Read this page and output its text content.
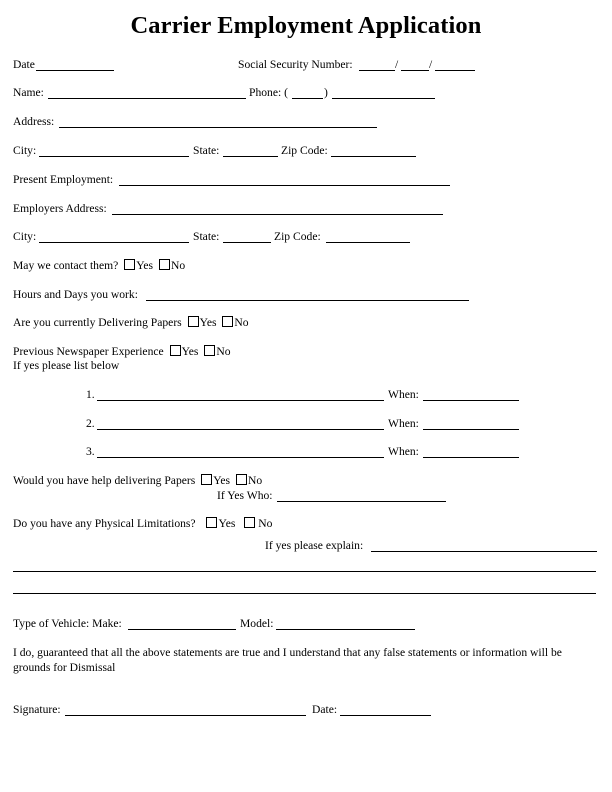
Carrier Employment Application
Date	Social Security Number:	/	/
Name:	Phone: (	)
Address:
City:	State:	Zip Code:
Present Employment:
Employers Address:
City:	State:	Zip Code:
May we contact them? Yes No
Hours and Days you work:
Are you currently Delivering Papers Yes No
Previous Newspaper Experience Yes No
If yes please list below
1.	When:
2.	When:
3.	When:
Would you have help delivering Papers Yes No
If Yes Who:
Do you have any Physical Limitations? Yes No
If yes please explain:
Type of Vehicle: Make:	Model:
I do, guaranteed that all the above statements are true and I understand that any false statements or information will be grounds for Dismissal
Signature:	Date:
